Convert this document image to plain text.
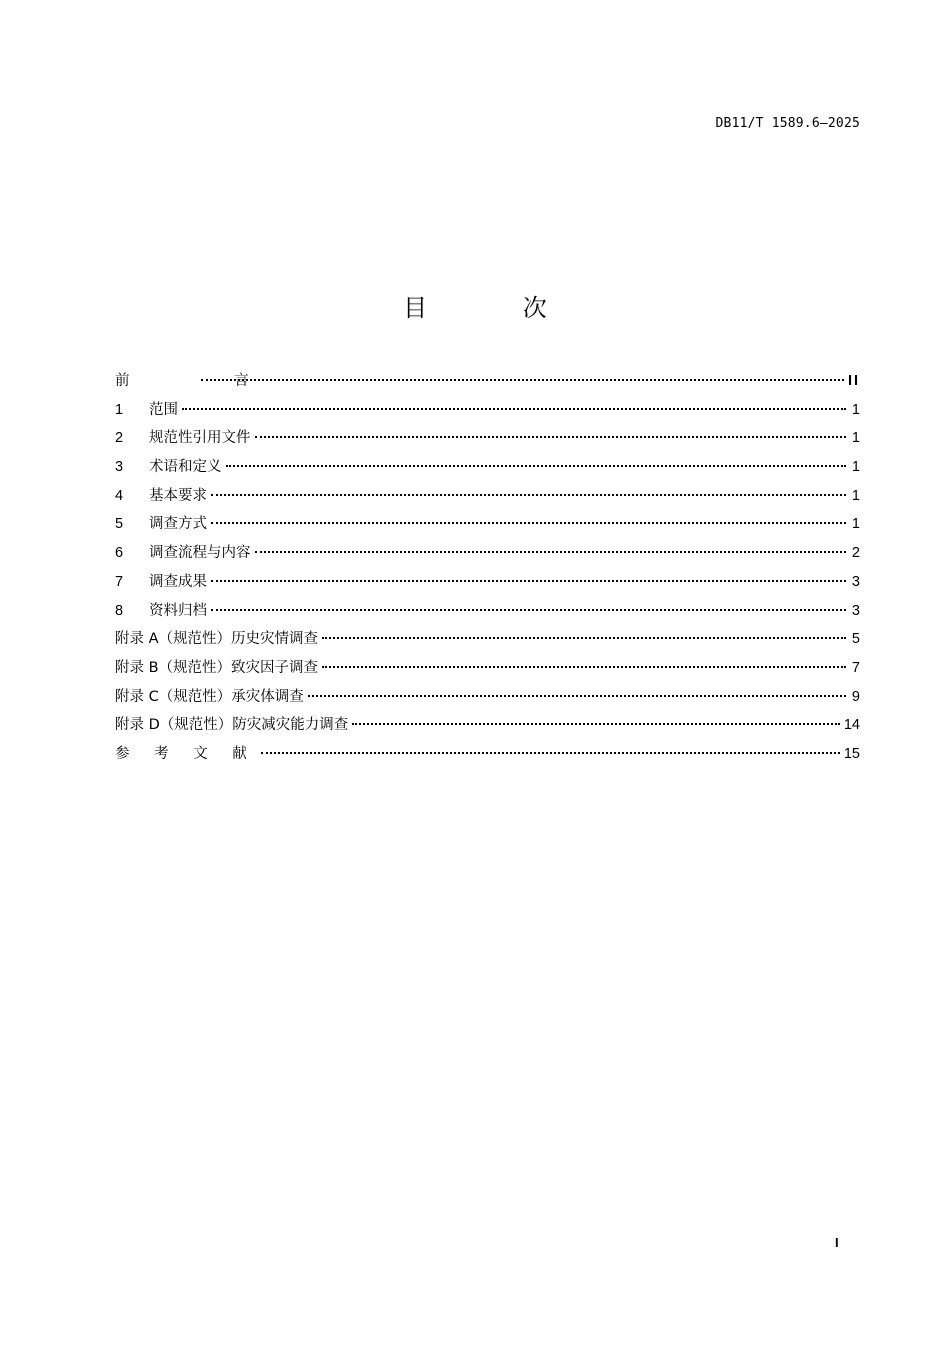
DB11/T 1589.6—2025
目 次
前 言	II
1	范围	1
2	规范性引用文件	1
3	术语和定义	1
4	基本要求	1
5	调查方式	1
6	调查流程与内容	2
7	调查成果	3
8	资料归档	3
附录 A（规范性）历史灾情调查	5
附录 B（规范性）致灾因子调查	7
附录 C（规范性）承灾体调查	9
附录 D（规范性）防灾减灾能力调查	14
参 考 文 献	15
I
